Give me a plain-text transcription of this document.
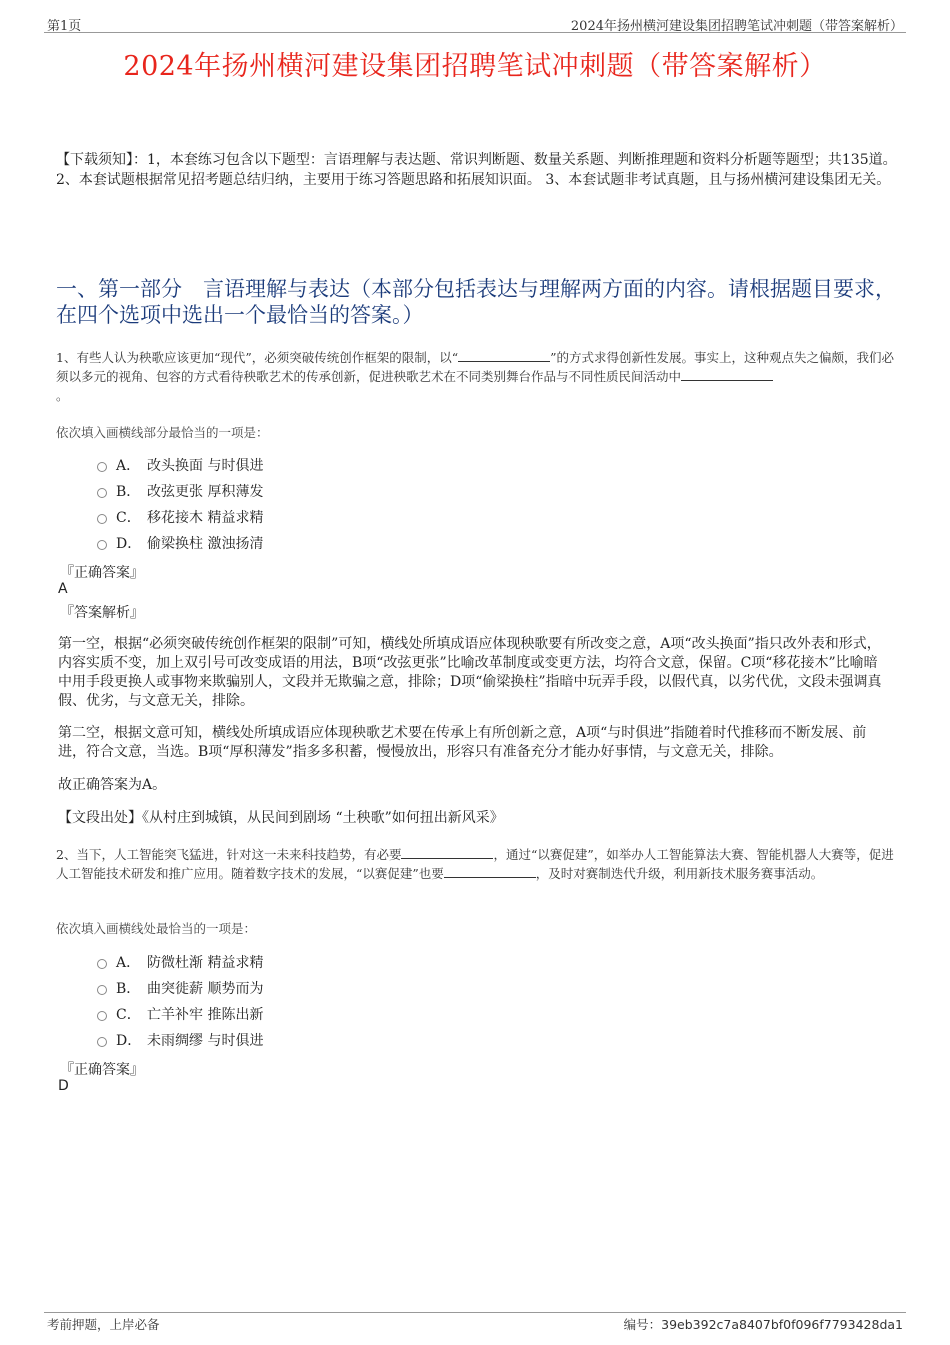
第1页	2024年扬州横河建设集团招聘笔试冲刺题（带答案解析）
2024年扬州横河建设集团招聘笔试冲刺题（带答案解析）
【下载须知】：1，本套练习包含以下题型：言语理解与表达题、常识判断题、数量关系题、判断推理题和资料分析题等题型；共135道。 2、本套试题根据常见招考题总结归纳，主要用于练习答题思路和拓展知识面。 3、本套试题非考试真题，且与扬州横河建设集团无关。
一、第一部分　言语理解与表达（本部分包括表达与理解两方面的内容。请根据题目要求，在四个选项中选出一个最恰当的答案。）
1、有些人认为秧歌应该更加“现代”，必须突破传统创作框架的限制，以“	”的方式求得创新性发展。事实上，这种观点失之偏颇，我们必须以多元的视角、包容的方式看待秧歌艺术的传承创新，促进秧歌艺术在不同类别舞台作品与不同性质民间活动中
。
依次填入画横线部分最恰当的一项是：
A． 改头换面 与时俱进
B． 改弦更张 厚积薄发
C． 移花接木 精益求精
D． 偷梁换柱 激浊扬清
『正确答案』
A
『答案解析』
第一空，根据“必须突破传统创作框架的限制”可知，横线处所填成语应体现秧歌要有所改变之意，A项“改头换面”指只改外表和形式，内容实质不变，加上双引号可改变成语的用法，B项“改弦更张”比喻改革制度或变更方法，均符合文意，保留。C项“移花接木”比喻暗中用手段更换人或事物来欺骗别人，文段并无欺骗之意，排除；D项“偷梁换柱”指暗中玩弄手段，以假代真，以劣代优，文段未强调真假、优劣，与文意无关，排除。
第二空，根据文意可知，横线处所填成语应体现秧歌艺术要在传承上有所创新之意，A项“与时俱进”指随着时代推移而不断发展、前进，符合文意，当选。B项“厚积薄发”指多多积蓄，慢慢放出，形容只有准备充分才能办好事情，与文意无关，排除。
故正确答案为A。
【文段出处】《从村庄到城镇，从民间到剧场 “土秧歌”如何扭出新风采》
2、当下，人工智能突飞猛进，针对这一未来科技趋势，有必要	，通过“以赛促建”，如举办人工智能算法大赛、智能机器人大赛等，促进人工智能技术研发和推广应用。随着数字技术的发展，“以赛促建”也要	，及时对赛制迭代升级，利用新技术服务赛事活动。
依次填入画横线处最恰当的一项是：
A． 防微杜渐 精益求精
B． 曲突徙薪 顺势而为
C． 亡羊补牢 推陈出新
D． 未雨绸缪 与时俱进
『正确答案』
D
考前押题，上岸必备	编号：39eb392c7a8407bf0f096f7793428da1
